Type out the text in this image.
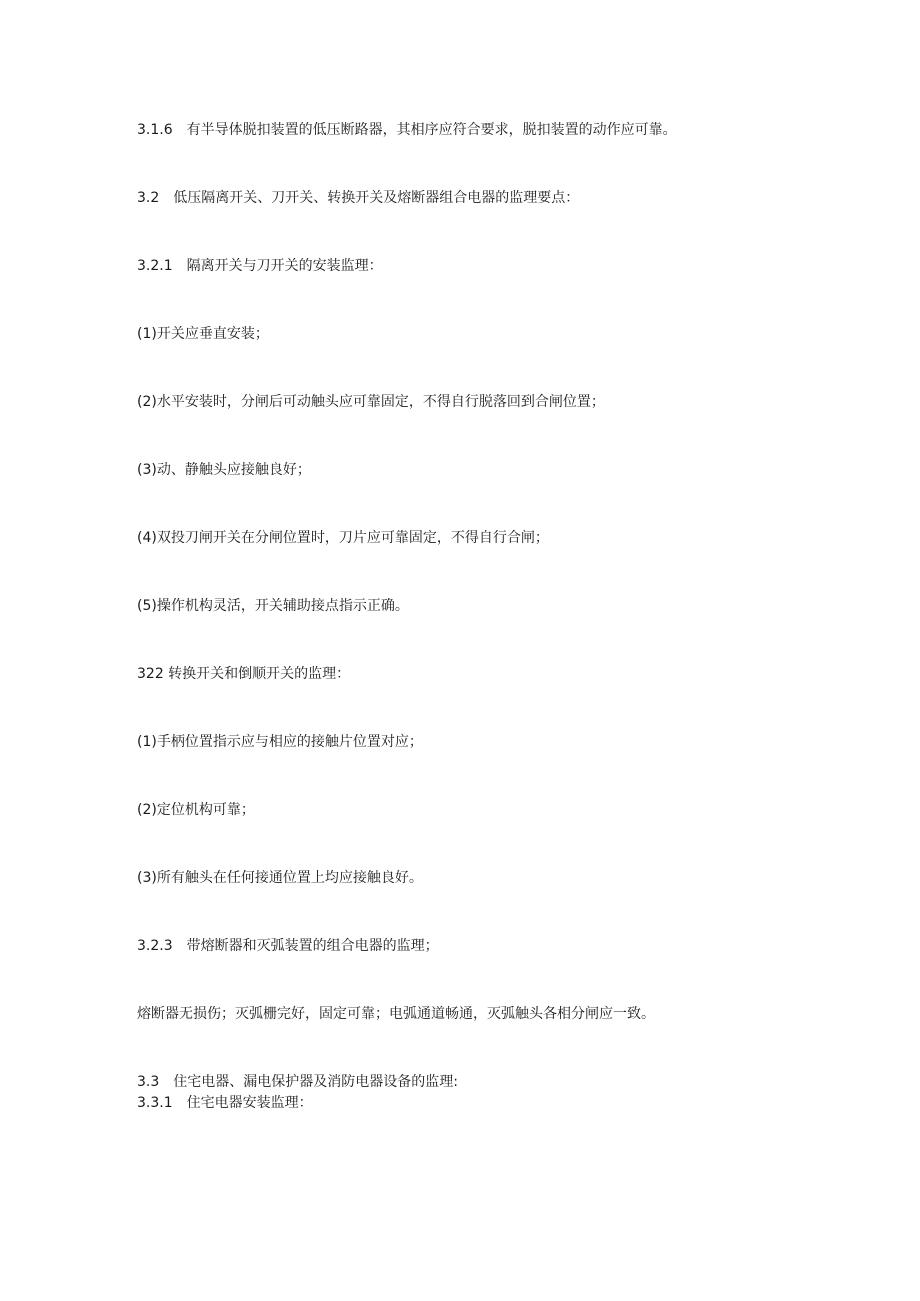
3.1.6 有半导体脱扣装置的低压断路器，其相序应符合要求，脱扣装置的动作应可靠。
3.2 低压隔离开关、刀开关、转换开关及熔断器组合电器的监理要点：
3.2.1 隔离开关与刀开关的安装监理：
(1)开关应垂直安装；
(2)水平安装时，分闸后可动触头应可靠固定，不得自行脱落回到合闸位置；
(3)动、静触头应接触良好；
(4)双投刀闸开关在分闸位置时，刀片应可靠固定，不得自行合闸；
(5)操作机构灵活，开关辅助接点指示正确。
322 转换开关和倒顺开关的监理：
(1)手柄位置指示应与相应的接触片位置对应；
(2)定位机构可靠；
(3)所有触头在任何接通位置上均应接触良好。
3.2.3 带熔断器和灭弧装置的组合电器的监理；
熔断器无损伤；灭弧栅完好，固定可靠；电弧通道畅通，灭弧触头各相分闸应一致。
3.3 住宅电器、漏电保护器及消防电器设备的监理:
3.3.1 住宅电器安装监理：
